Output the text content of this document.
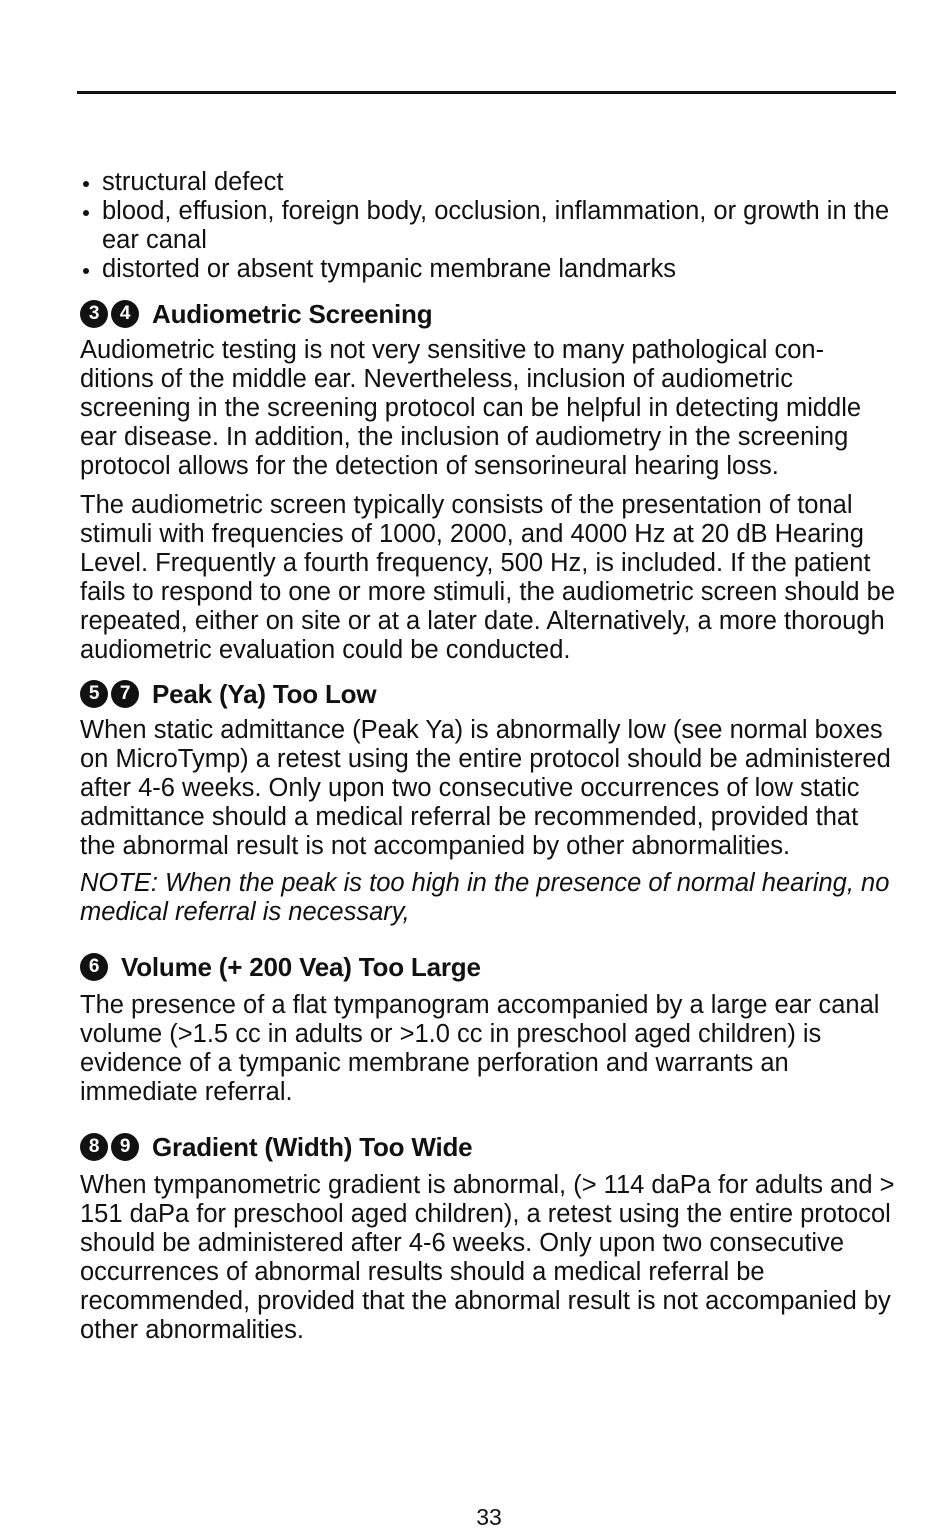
structural defect
blood, effusion, foreign body, occlusion, inflammation, or growth in the ear canal
distorted or absent tympanic membrane landmarks
3	4 Audiometric Screening

Audiometric testing is not very sensitive to many pathological con-ditions of the middle ear. Nevertheless, inclusion of audiometric screening in the screening protocol can be helpful in detecting middle ear disease. In addition, the inclusion of audiometry in the screening protocol allows for the detection of sensorineural hearing loss.

The audiometric screen typically consists of the presentation of tonal stimuli with frequencies of 1000, 2000, and 4000 Hz at 20 dB Hearing Level. Frequently a fourth frequency, 500 Hz, is included. If the patient fails to respond to one or more stimuli, the audiometric screen should be repeated, either on site or at a later date. Alternatively, a more thorough audiometric evaluation could be conducted.

5	7 Peak (Ya) Too Low

When static admittance (Peak Ya) is abnormally low (see normal boxes on MicroTymp) a retest using the entire protocol should be administered after 4-6 weeks. Only upon two consecutive occurrences of low static admittance should a medical referral be recommended, provided that the abnormal result is not accompanied by other abnormalities.

NOTE: When the peak is too high in the presence of normal hearing, no medical referral is necessary,

6 Volume (+ 200 Vea) Too Large

The presence of a flat tympanogram accompanied by a large ear canal volume (>1.5 cc in adults or >1.0 cc in preschool aged children) is evidence of a tympanic membrane perforation and warrants an immediate referral.

8	9 Gradient (Width) Too Wide

When tympanometric gradient is abnormal, (> 114 daPa for adults and > 151 daPa for preschool aged children), a retest using the entire protocol should be administered after 4-6 weeks. Only upon two consecutive occurrences of abnormal results should a medical referral be recommended, provided that the abnormal result is not accompanied by other abnormalities.

33
